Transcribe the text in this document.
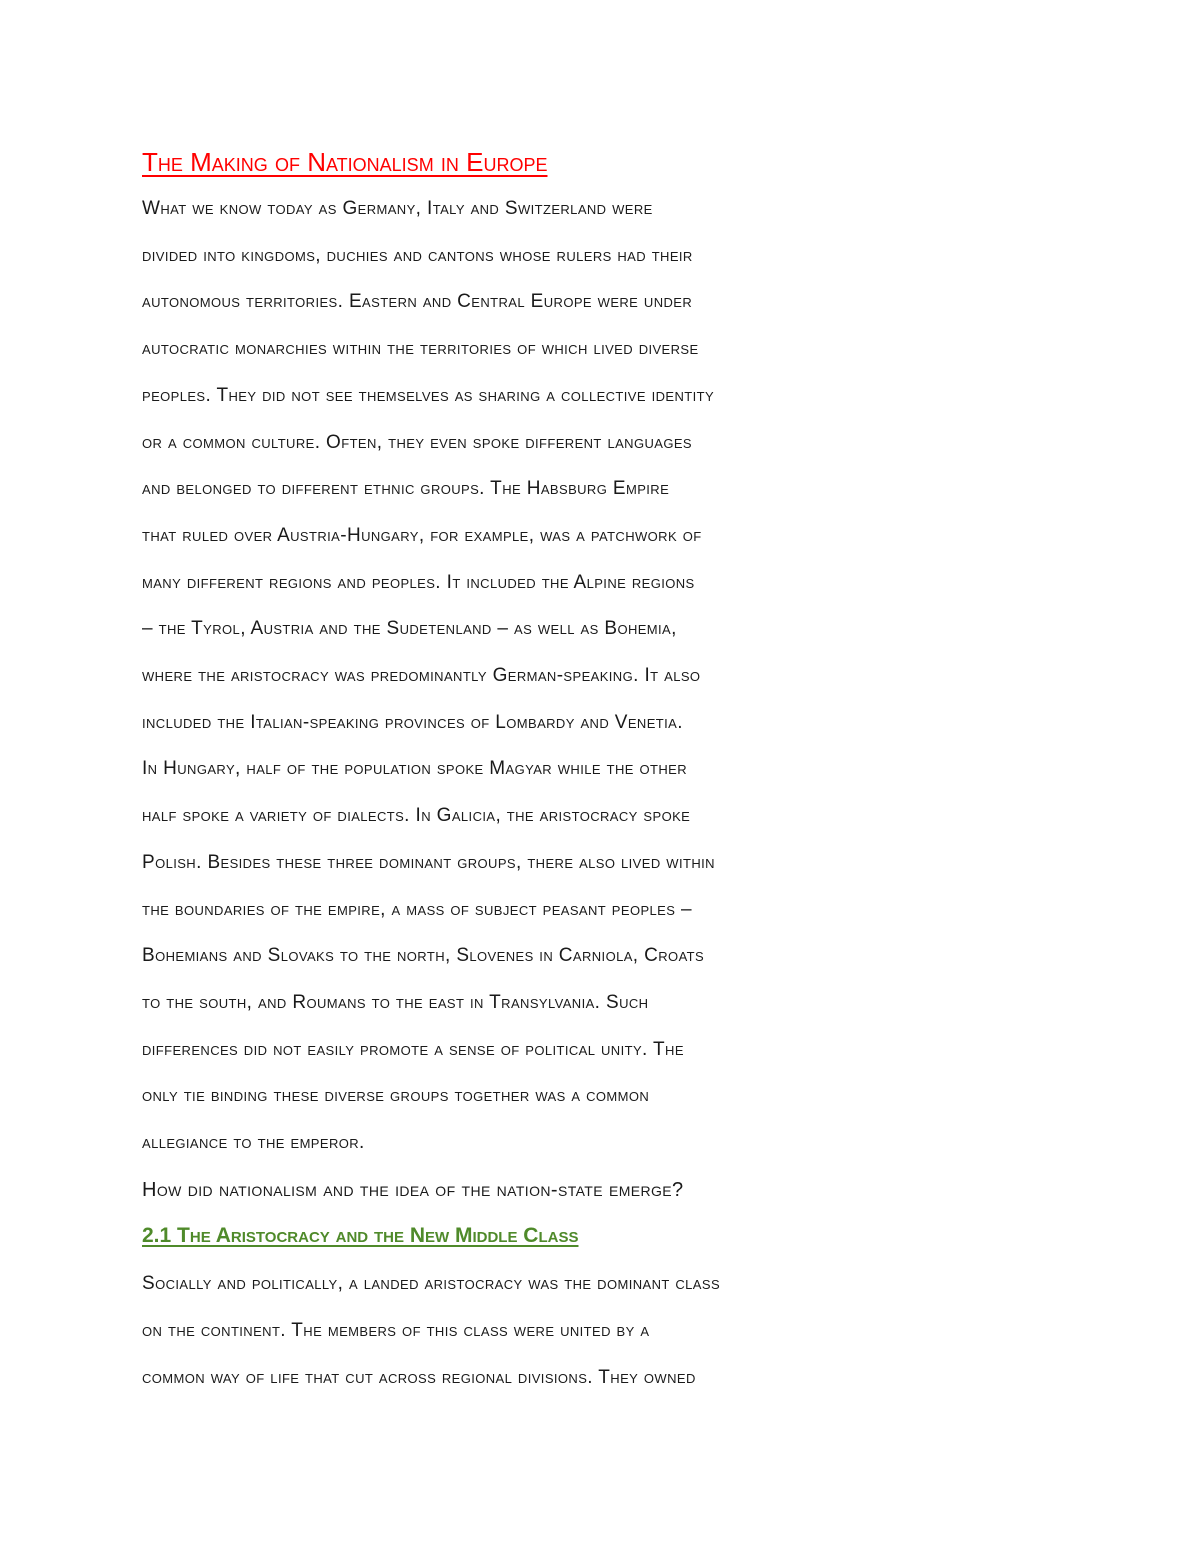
The Making of Nationalism in Europe

What we know today as Germany, Italy and Switzerland were

divided into kingdoms, duchies and cantons whose rulers had their

autonomous territories. Eastern and Central Europe were under

autocratic monarchies within the territories of which lived diverse

peoples. They did not see themselves as sharing a collective identity

or a common culture. Often, they even spoke different languages

and belonged to different ethnic groups. The Habsburg Empire

that ruled over Austria-Hungary, for example, was a patchwork of

many different regions and peoples. It included the Alpine regions

– the Tyrol, Austria and the Sudetenland – as well as Bohemia,

where the aristocracy was predominantly German-speaking. It also

included the Italian-speaking provinces of Lombardy and Venetia.

In Hungary, half of the population spoke Magyar while the other

half spoke a variety of dialects. In Galicia, the aristocracy spoke

Polish. Besides these three dominant groups, there also lived within

the boundaries of the empire, a mass of subject peasant peoples –

Bohemians and Slovaks to the north, Slovenes in Carniola, Croats

to the south, and Roumans to the east in Transylvania. Such

differences did not easily promote a sense of political unity. The

only tie binding these diverse groups together was a common

allegiance to the emperor.

How did nationalism and the idea of the nation-state emerge?

2.1 The Aristocracy and the New Middle Class

Socially and politically, a landed aristocracy was the dominant class

on the continent. The members of this class were united by a

common way of life that cut across regional divisions. They owned
